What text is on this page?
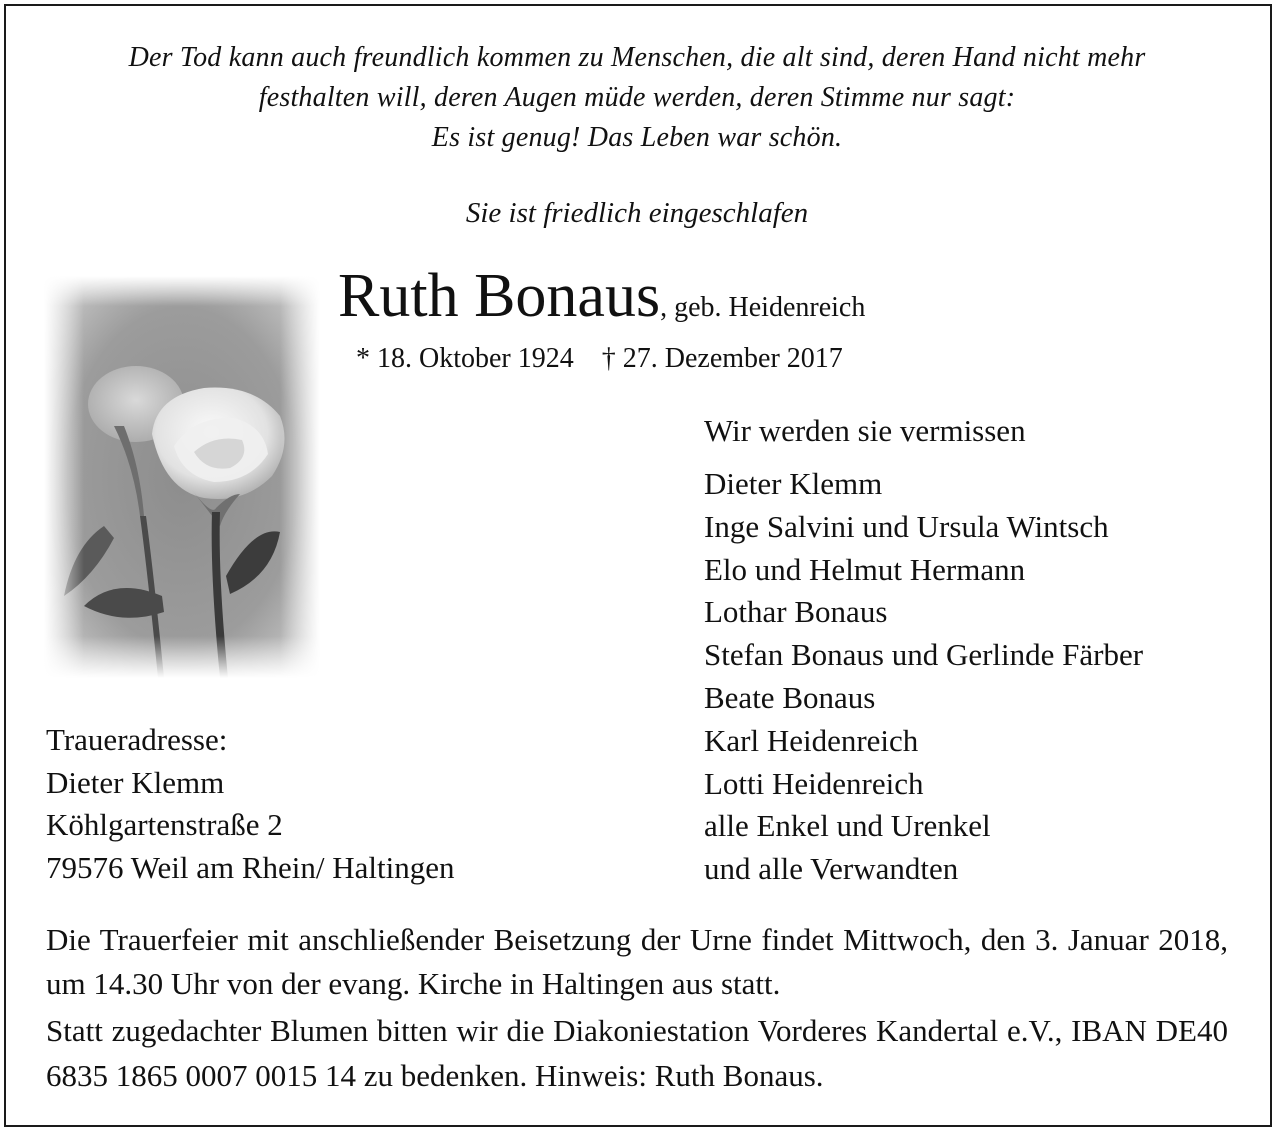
Der Tod kann auch freundlich kommen zu Menschen, die alt sind, deren Hand nicht mehr
festhalten will, deren Augen müde werden, deren Stimme nur sagt:
Es ist genug! Das Leben war schön.
Sie ist friedlich eingeschlafen
Ruth Bonaus, geb. Heidenreich
* 18. Oktober 1924 † 27. Dezember 2017
Wir werden sie vermissen
Dieter Klemm
Inge Salvini und Ursula Wintsch
Elo und Helmut Hermann
Lothar Bonaus
Stefan Bonaus und Gerlinde Färber
Beate Bonaus
Karl Heidenreich
Lotti Heidenreich
alle Enkel und Urenkel
und alle Verwandten
Traueradresse:
Dieter Klemm
Köhlgartenstraße 2
79576 Weil am Rhein/ Haltingen
Die Trauerfeier mit anschließender Beisetzung der Urne findet Mittwoch, den 3. Januar 2018, um 14.30 Uhr von der evang. Kirche in Haltingen aus statt.
Statt zugedachter Blumen bitten wir die Diakoniestation Vorderes Kandertal e.V., IBAN DE40 6835 1865 0007 0015 14 zu bedenken. Hinweis: Ruth Bonaus.
